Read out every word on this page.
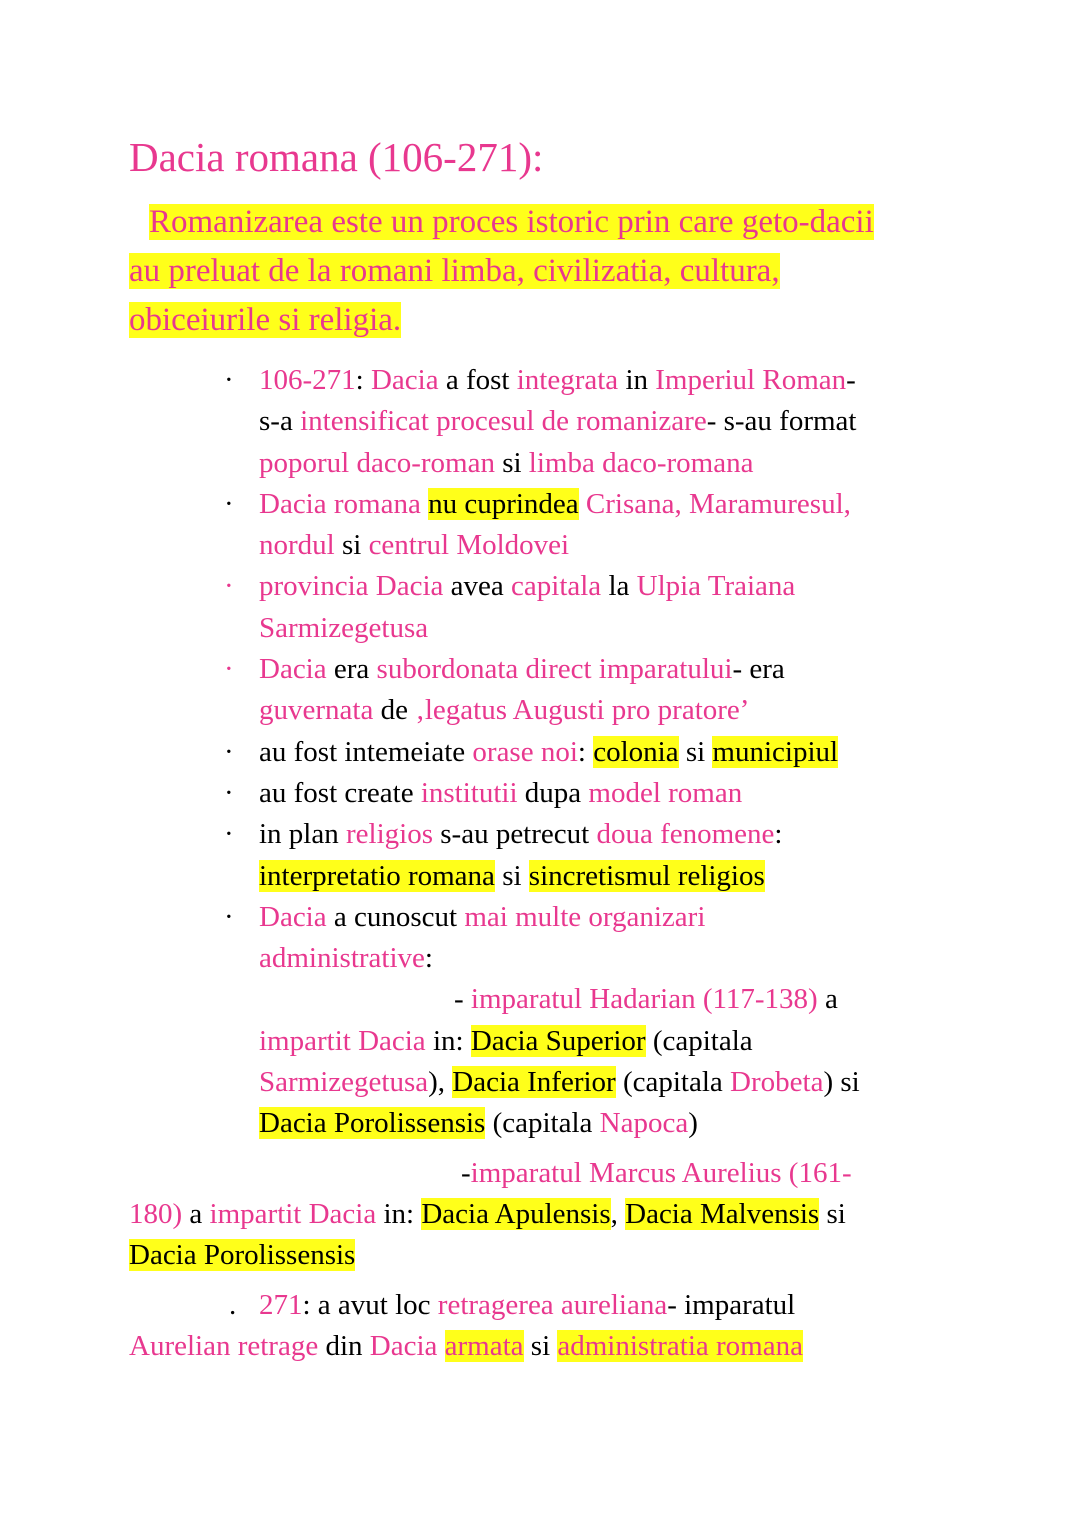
Dacia romana (106-271):
Romanizarea este un proces istoric prin care geto-dacii
au preluat de la romani limba, civilizatia, cultura,
obiceiurile si religia.
· 106-271: Dacia a fost integrata in Imperiul Roman-
s-a intensificat procesul de romanizare- s-au format
poporul daco-roman si limba daco-romana
· Dacia romana nu cuprindea Crisana, Maramuresul,
nordul si centrul Moldovei
· provincia Dacia avea capitala la Ulpia Traiana
Sarmizegetusa
· Dacia era subordonata direct imparatului- era
guvernata de ‚legatus Augusti pro pratore’
· au fost intemeiate orase noi: colonia si municipiul
· au fost create institutii dupa model roman
· in plan religios s-au petrecut doua fenomene:
interpretatio romana si sincretismul religios
· Dacia a cunoscut mai multe organizari
administrative:
- imparatul Hadarian (117-138) a
impartit Dacia in: Dacia Superior (capitala
Sarmizegetusa), Dacia Inferior (capitala Drobeta) si
Dacia Porolissensis (capitala Napoca)
-imparatul Marcus Aurelius (161-
180) a impartit Dacia in: Dacia Apulensis, Dacia Malvensis si
Dacia Porolissensis
. 271: a avut loc retragerea aureliana- imparatul
Aurelian retrage din Dacia armata si administratia romana
